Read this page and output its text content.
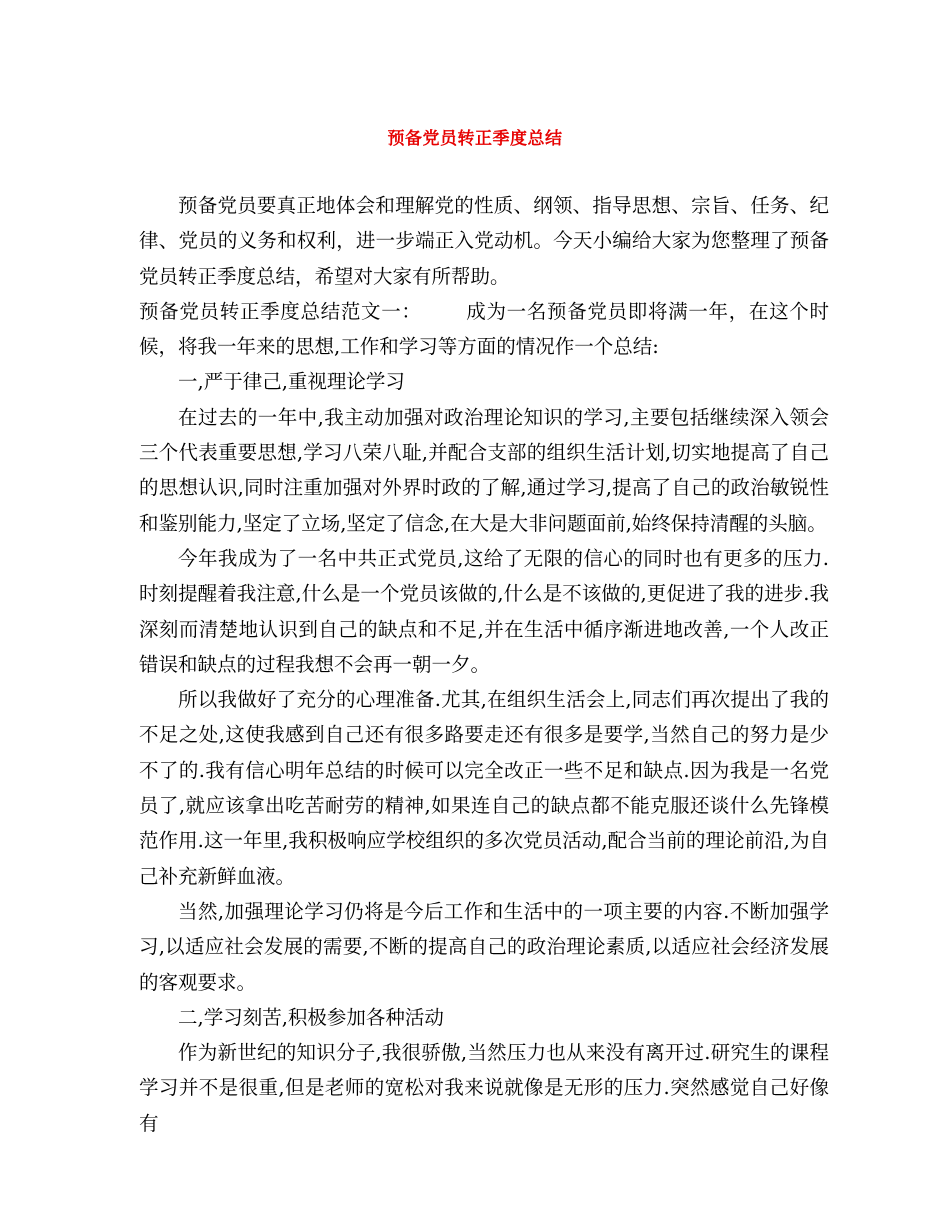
预备党员转正季度总结

预备党员要真正地体会和理解党的性质、纲领、指导思想、宗旨、任务、纪律、党员的义务和权利，进一步端正入党动机。今天小编给大家为您整理了预备党员转正季度总结，希望对大家有所帮助。

预备党员转正季度总结范文一： 成为一名预备党员即将满一年，在这个时候，将我一年来的思想,工作和学习等方面的情况作一个总结:

一,严于律己,重视理论学习

在过去的一年中,我主动加强对政治理论知识的学习,主要包括继续深入领会三个代表重要思想,学习八荣八耻,并配合支部的组织生活计划,切实地提高了自己的思想认识,同时注重加强对外界时政的了解,通过学习,提高了自己的政治敏锐性和鉴别能力,坚定了立场,坚定了信念,在大是大非问题面前,始终保持清醒的头脑。

今年我成为了一名中共正式党员,这给了无限的信心的同时也有更多的压力.时刻提醒着我注意,什么是一个党员该做的,什么是不该做的,更促进了我的进步.我深刻而清楚地认识到自己的缺点和不足,并在生活中循序渐进地改善,一个人改正错误和缺点的过程我想不会再一朝一夕。

所以我做好了充分的心理准备.尤其,在组织生活会上,同志们再次提出了我的不足之处,这使我感到自己还有很多路要走还有很多是要学,当然自己的努力是少不了的.我有信心明年总结的时候可以完全改正一些不足和缺点.因为我是一名党员了,就应该拿出吃苦耐劳的精神,如果连自己的缺点都不能克服还谈什么先锋模范作用.这一年里,我积极响应学校组织的多次党员活动,配合当前的理论前沿,为自己补充新鲜血液。

当然,加强理论学习仍将是今后工作和生活中的一项主要的内容.不断加强学习,以适应社会发展的需要,不断的提高自己的政治理论素质,以适应社会经济发展的客观要求。

二,学习刻苦,积极参加各种活动

作为新世纪的知识分子,我很骄傲,当然压力也从来没有离开过.研究生的课程学习并不是很重,但是老师的宽松对我来说就像是无形的压力.突然感觉自己好像有
